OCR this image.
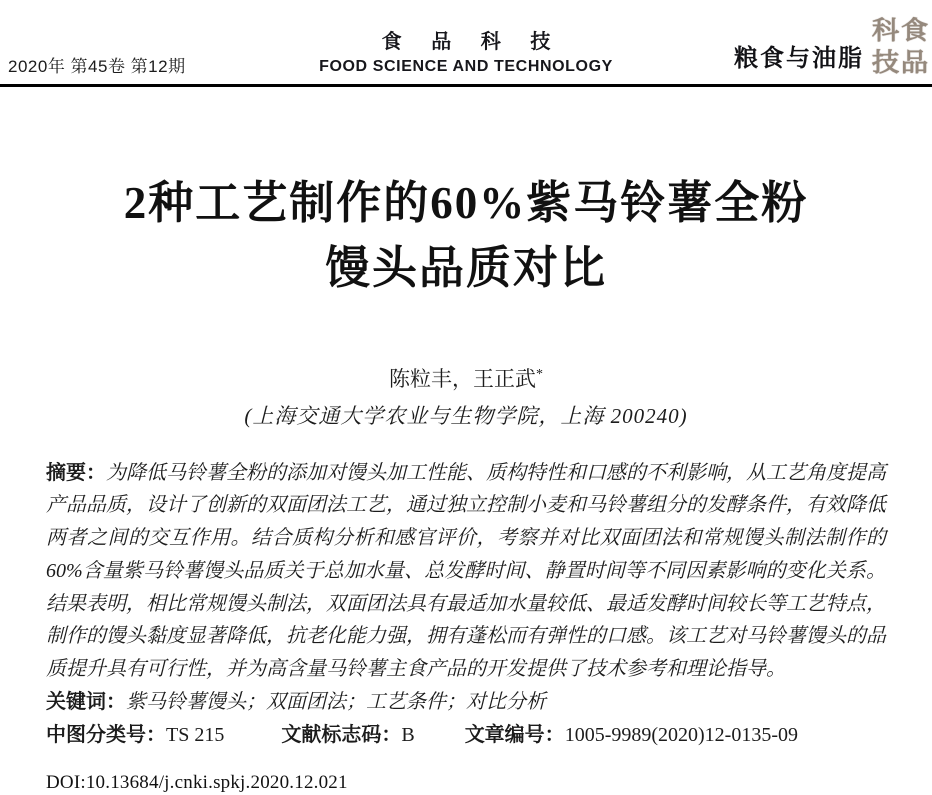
2020年 第45卷 第12期
食 品 科 技
FOOD SCIENCE AND TECHNOLOGY	粮食与油脂
科 食
技 品
2种工艺制作的60%紫马铃薯全粉
馒头品质对比
陈粒丰，王正武*
(上海交通大学农业与生物学院，上海 200240)

摘要：为降低马铃薯全粉的添加对馒头加工性能、质构特性和口感的不利影响，从工艺角度提高产品品质，设计了创新的双面团法工艺，通过独立控制小麦和马铃薯组分的发酵条件，有效降低两者之间的交互作用。结合质构分析和感官评价，考察并对比双面团法和常规馒头制法制作的60%含量紫马铃薯馒头品质关于总加水量、总发酵时间、静置时间等不同因素影响的变化关系。结果表明，相比常规馒头制法，双面团法具有最适加水量较低、最适发酵时间较长等工艺特点，制作的馒头黏度显著降低，抗老化能力强，拥有蓬松而有弹性的口感。该工艺对马铃薯馒头的品质提升具有可行性，并为高含量马铃薯主食产品的开发提供了技术参考和理论指导。

关键词：紫马铃薯馒头；双面团法；工艺条件；对比分析

中图分类号：TS 215	文献标志码：B	文章编号：1005-9989(2020)12-0135-09

DOI:10.13684/j.cnki.spkj.2020.12.021
